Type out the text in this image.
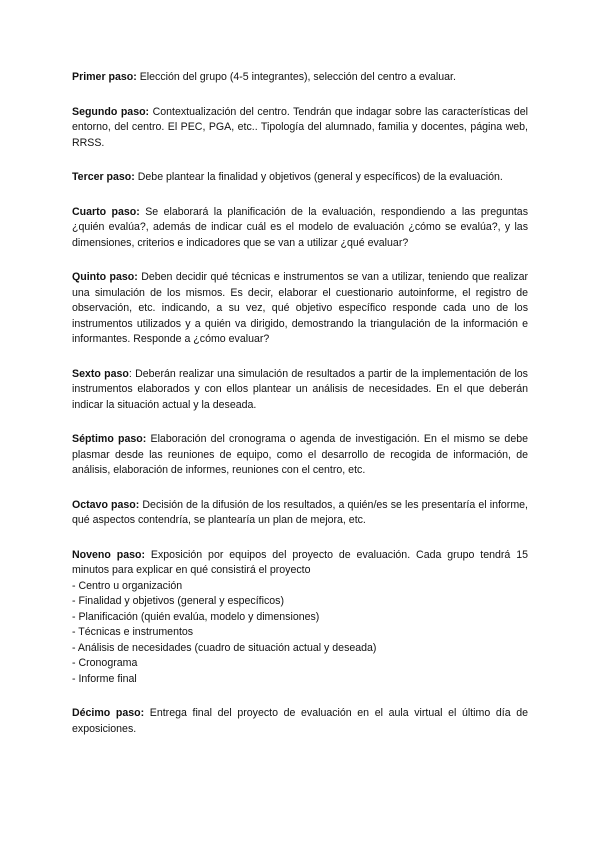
Primer paso: Elección del grupo (4-5 integrantes), selección del centro a evaluar.

Segundo paso: Contextualización del centro. Tendrán que indagar sobre las características del entorno, del centro. El PEC, PGA, etc.. Tipología del alumnado, familia y docentes, página web, RRSS.

Tercer paso: Debe plantear la finalidad y objetivos (general y específicos) de la evaluación.

Cuarto paso: Se elaborará la planificación de la evaluación, respondiendo a las preguntas ¿quién evalúa?, además de indicar cuál es el modelo de evaluación ¿cómo se evalúa?, y las dimensiones, criterios e indicadores que se van a utilizar ¿qué evaluar?

Quinto paso: Deben decidir qué técnicas e instrumentos se van a utilizar, teniendo que realizar una simulación de los mismos. Es decir, elaborar el cuestionario autoinforme, el registro de observación, etc. indicando, a su vez, qué objetivo específico responde cada uno de los instrumentos utilizados y a quién va dirigido, demostrando la triangulación de la información e informantes. Responde a ¿cómo evaluar?

Sexto paso: Deberán realizar una simulación de resultados a partir de la implementación de los instrumentos elaborados y con ellos plantear un análisis de necesidades. En el que deberán indicar la situación actual y la deseada.

Séptimo paso: Elaboración del cronograma o agenda de investigación. En el mismo se debe plasmar desde las reuniones de equipo, como el desarrollo de recogida de información, de análisis, elaboración de informes, reuniones con el centro, etc.

Octavo paso: Decisión de la difusión de los resultados, a quién/es se les presentaría el informe, qué aspectos contendría, se plantearía un plan de mejora, etc.

Noveno paso: Exposición por equipos del proyecto de evaluación. Cada grupo tendrá 15 minutos para explicar en qué consistirá el proyecto
- Centro u organización
- Finalidad y objetivos (general y específicos)
- Planificación (quién evalúa, modelo y dimensiones)
- Técnicas e instrumentos
- Análisis de necesidades (cuadro de situación actual y deseada)
- Cronograma
- Informe final

Décimo paso: Entrega final del proyecto de evaluación en el aula virtual el último día de exposiciones.
